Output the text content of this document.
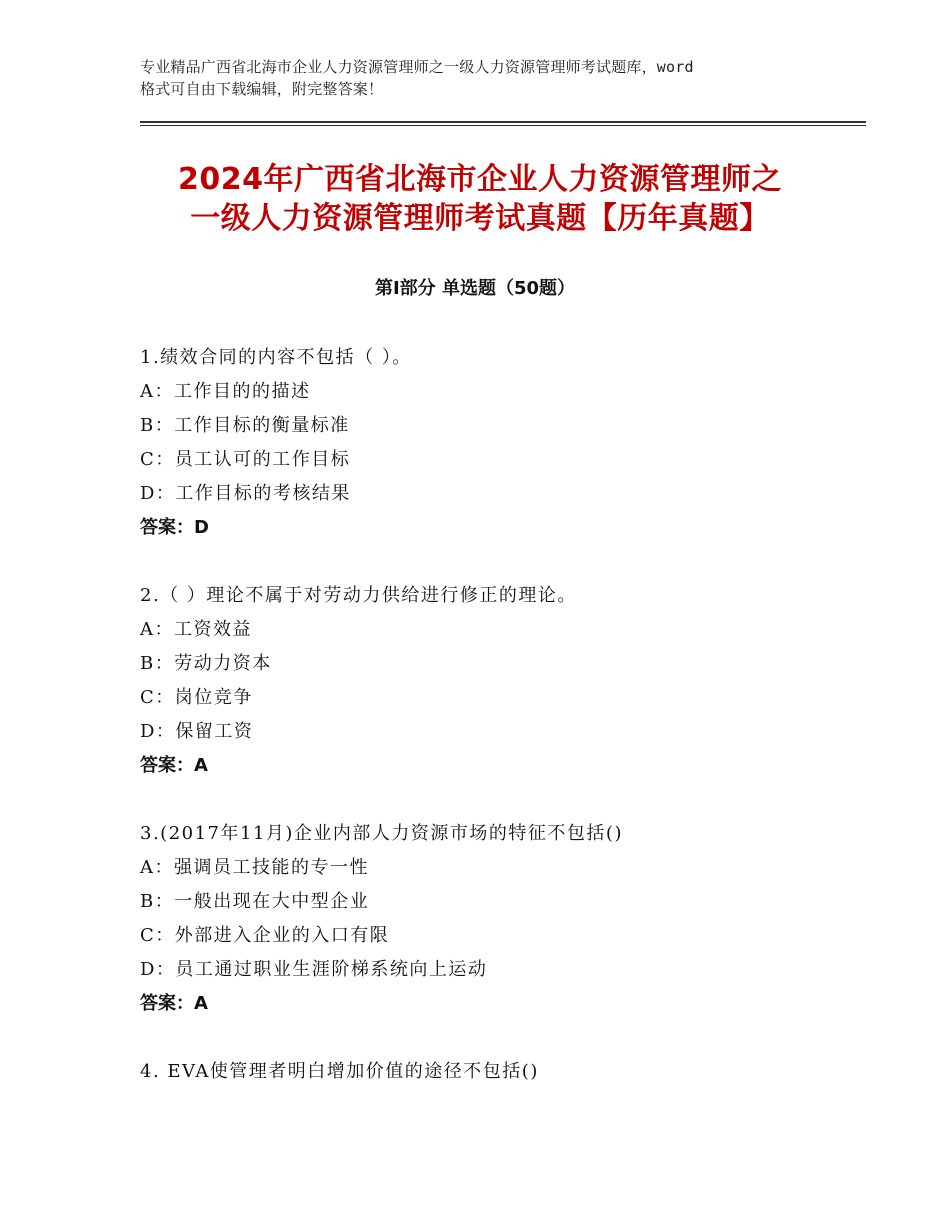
专业精品广西省北海市企业人力资源管理师之一级人力资源管理师考试题库，word
格式可自由下载编辑，附完整答案！
2024年广西省北海市企业人力资源管理师之
一级人力资源管理师考试真题【历年真题】
第Ⅰ部分 单选题（50题）
1.绩效合同的内容不包括（ ）。
A：工作目的的描述
B：工作目标的衡量标准
C：员工认可的工作目标
D：工作目标的考核结果
答案：D
2.（ ）理论不属于对劳动力供给进行修正的理论。
A：工资效益
B：劳动力资本
C：岗位竞争
D：保留工资
答案：A
3.(2017年11月)企业内部人力资源市场的特征不包括()
A：强调员工技能的专一性
B：一般出现在大中型企业
C：外部进入企业的入口有限
D：员工通过职业生涯阶梯系统向上运动
答案：A
4. EVA使管理者明白增加价值的途径不包括()
